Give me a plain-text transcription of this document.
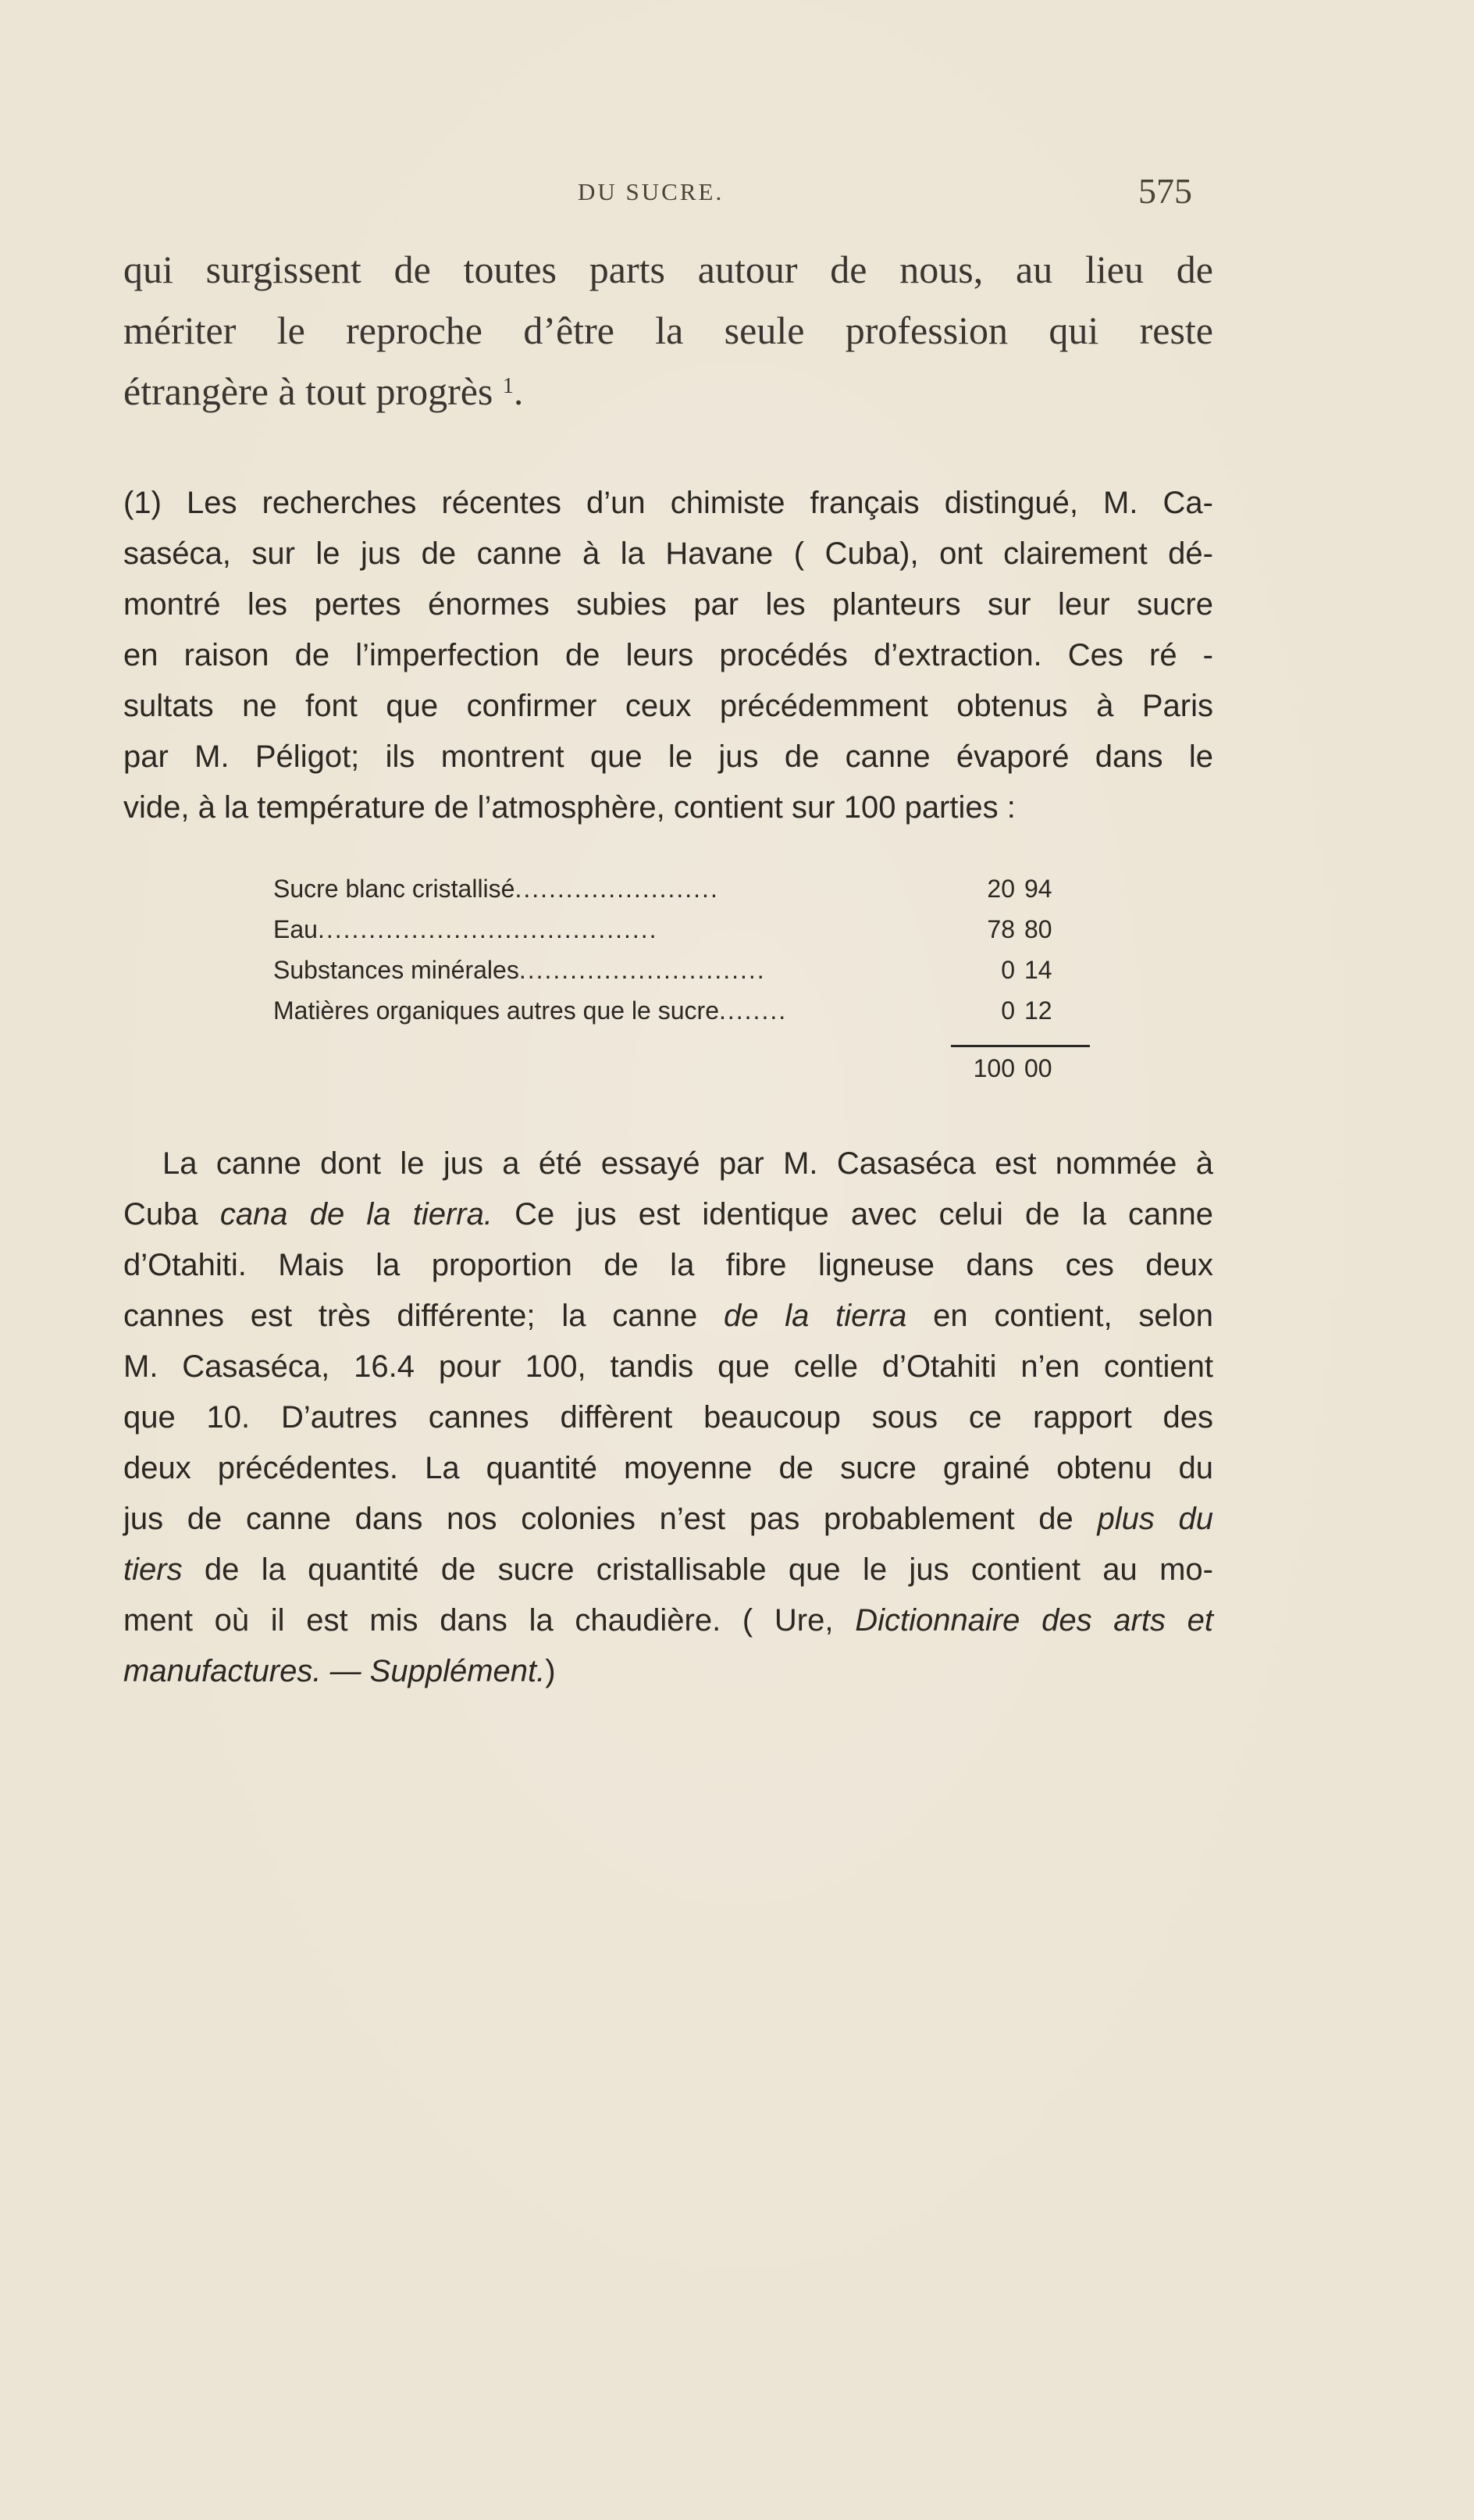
DU SUCRE.	575
qui surgissent de toutes parts autour de nous, au lieu de
mériter le reproche d’être la seule profession qui reste
étrangère à tout progrès $^1$.
(1) Les recherches récentes d’un chimiste français distingué, M. Ca-
saséca, sur le jus de canne à la Havane ( Cuba), ont clairement dé-
montré les pertes énormes subies par les planteurs sur leur sucre
en raison de l’imperfection de leurs procédés d’extraction. Ces ré -
sultats ne font que confirmer ceux précédemment obtenus à Paris
par M. Péligot; ils montrent que le jus de canne évaporé dans le
vide, à la température de l’atmosphère, contient sur 100 parties :
Sucre blanc cristallisé........................	20 94
Eau........................................	78 80
Substances minérales.............................	0 14
Matières organiques autres que le sucre........	0 12
100 00
La canne dont le jus a été essayé par M. Casaséca est nommée à
Cuba cana de la tierra. Ce jus est identique avec celui de la canne
d’Otahiti. Mais la proportion de la fibre ligneuse dans ces deux
cannes est très différente; la canne de la tierra en contient, selon
M. Casaséca, 16.4 pour 100, tandis que celle d’Otahiti n’en contient
que 10. D’autres cannes diffèrent beaucoup sous ce rapport des
deux précédentes. La quantité moyenne de sucre grainé obtenu du
jus de canne dans nos colonies n’est pas probablement de plus du
tiers de la quantité de sucre cristallisable que le jus contient au mo-
ment où il est mis dans la chaudière. ( Ure, Dictionnaire des arts et
manufactures. — Supplément.)
